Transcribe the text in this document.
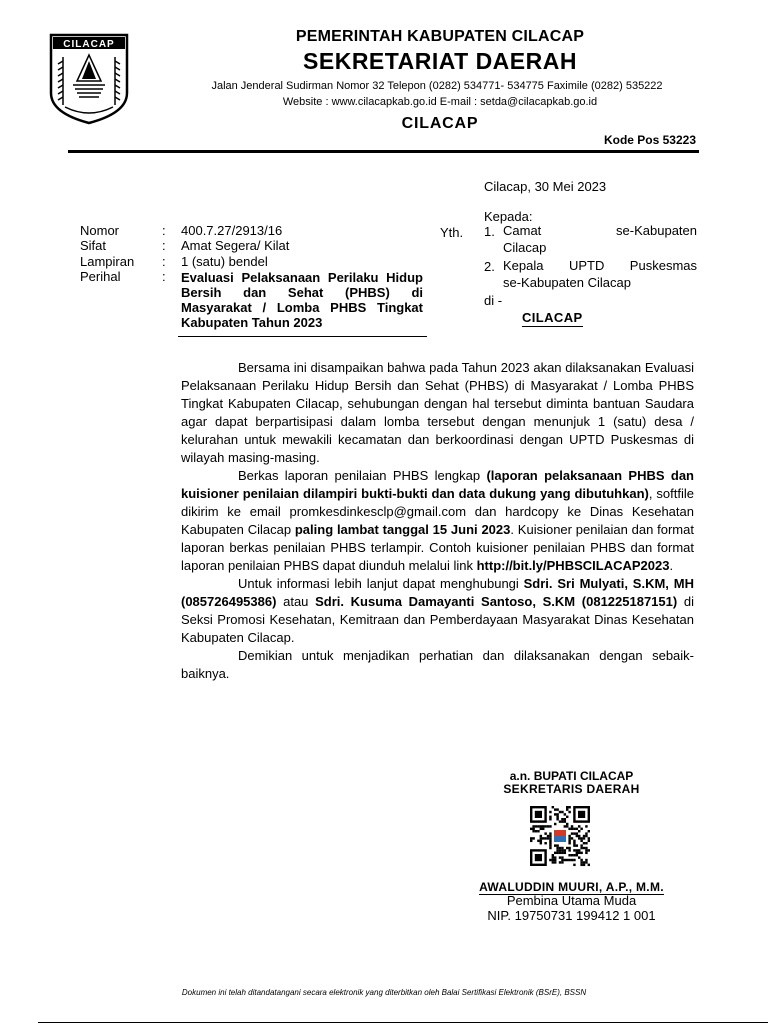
CILACAP	PEMERINTAH KABUPATEN CILACAP
SEKRETARIAT DAERAH
Jalan Jenderal Sudirman Nomor 32 Telepon (0282) 534771- 534775 Faximile (0282) 535222
Website : www.cilacapkab.go.id E-mail : setda@cilacapkab.go.id
CILACAP
Kode Pos 53223
Cilacap, 30 Mei 2023
Kepada:
Yth. 1. Camat se-Kabupaten
Cilacap
2. Kepala UPTD Puskesmas
se-Kabupaten Cilacap
di -
CILACAP
Nomor	: 400.7.27/2913/16
Sifat	: Amat Segera/ Kilat
Lampiran : 1 (satu) bendel
Perihal	: Evaluasi Pelaksanaan Perilaku Hidup Bersih dan Sehat (PHBS) di Masyarakat / Lomba PHBS Tingkat Kabupaten Tahun 2023

Bersama ini disampaikan bahwa pada Tahun 2023 akan dilaksanakan Evaluasi Pelaksanaan Perilaku Hidup Bersih dan Sehat (PHBS) di Masyarakat / Lomba PHBS Tingkat Kabupaten Cilacap, sehubungan dengan hal tersebut diminta bantuan Saudara agar dapat berpartisipasi dalam lomba tersebut dengan menunjuk 1 (satu) desa / kelurahan untuk mewakili kecamatan dan berkoordinasi dengan UPTD Puskesmas di wilayah masing-masing.

Berkas laporan penilaian PHBS lengkap (laporan pelaksanaan PHBS dan kuisioner penilaian dilampiri bukti-bukti dan data dukung yang dibutuhkan), softfile dikirim ke email promkesdinkesclp@gmail.com dan hardcopy ke Dinas Kesehatan Kabupaten Cilacap paling lambat tanggal 15 Juni 2023. Kuisioner penilaian dan format laporan berkas penilaian PHBS terlampir. Contoh kuisioner penilaian PHBS dan format laporan penilaian PHBS dapat diunduh melalui link http://bit.ly/PHBSCILACAP2023.

Untuk informasi lebih lanjut dapat menghubungi Sdri. Sri Mulyati, S.KM, MH (085726495386) atau Sdri. Kusuma Damayanti Santoso, S.KM (081225187151) di Seksi Promosi Kesehatan, Kemitraan dan Pemberdayaan Masyarakat Dinas Kesehatan Kabupaten Cilacap.

Demikian untuk menjadikan perhatian dan dilaksanakan dengan sebaik-baiknya.

a.n. BUPATI CILACAP
SEKRETARIS DAERAH
AWALUDDIN MUURI, A.P., M.M.
Pembina Utama Muda
NIP. 19750731 199412 1 001
Dokumen ini telah ditandatangani secara elektronik yang diterbitkan oleh Balai Sertifikasi Elektronik (BSrE), BSSN
